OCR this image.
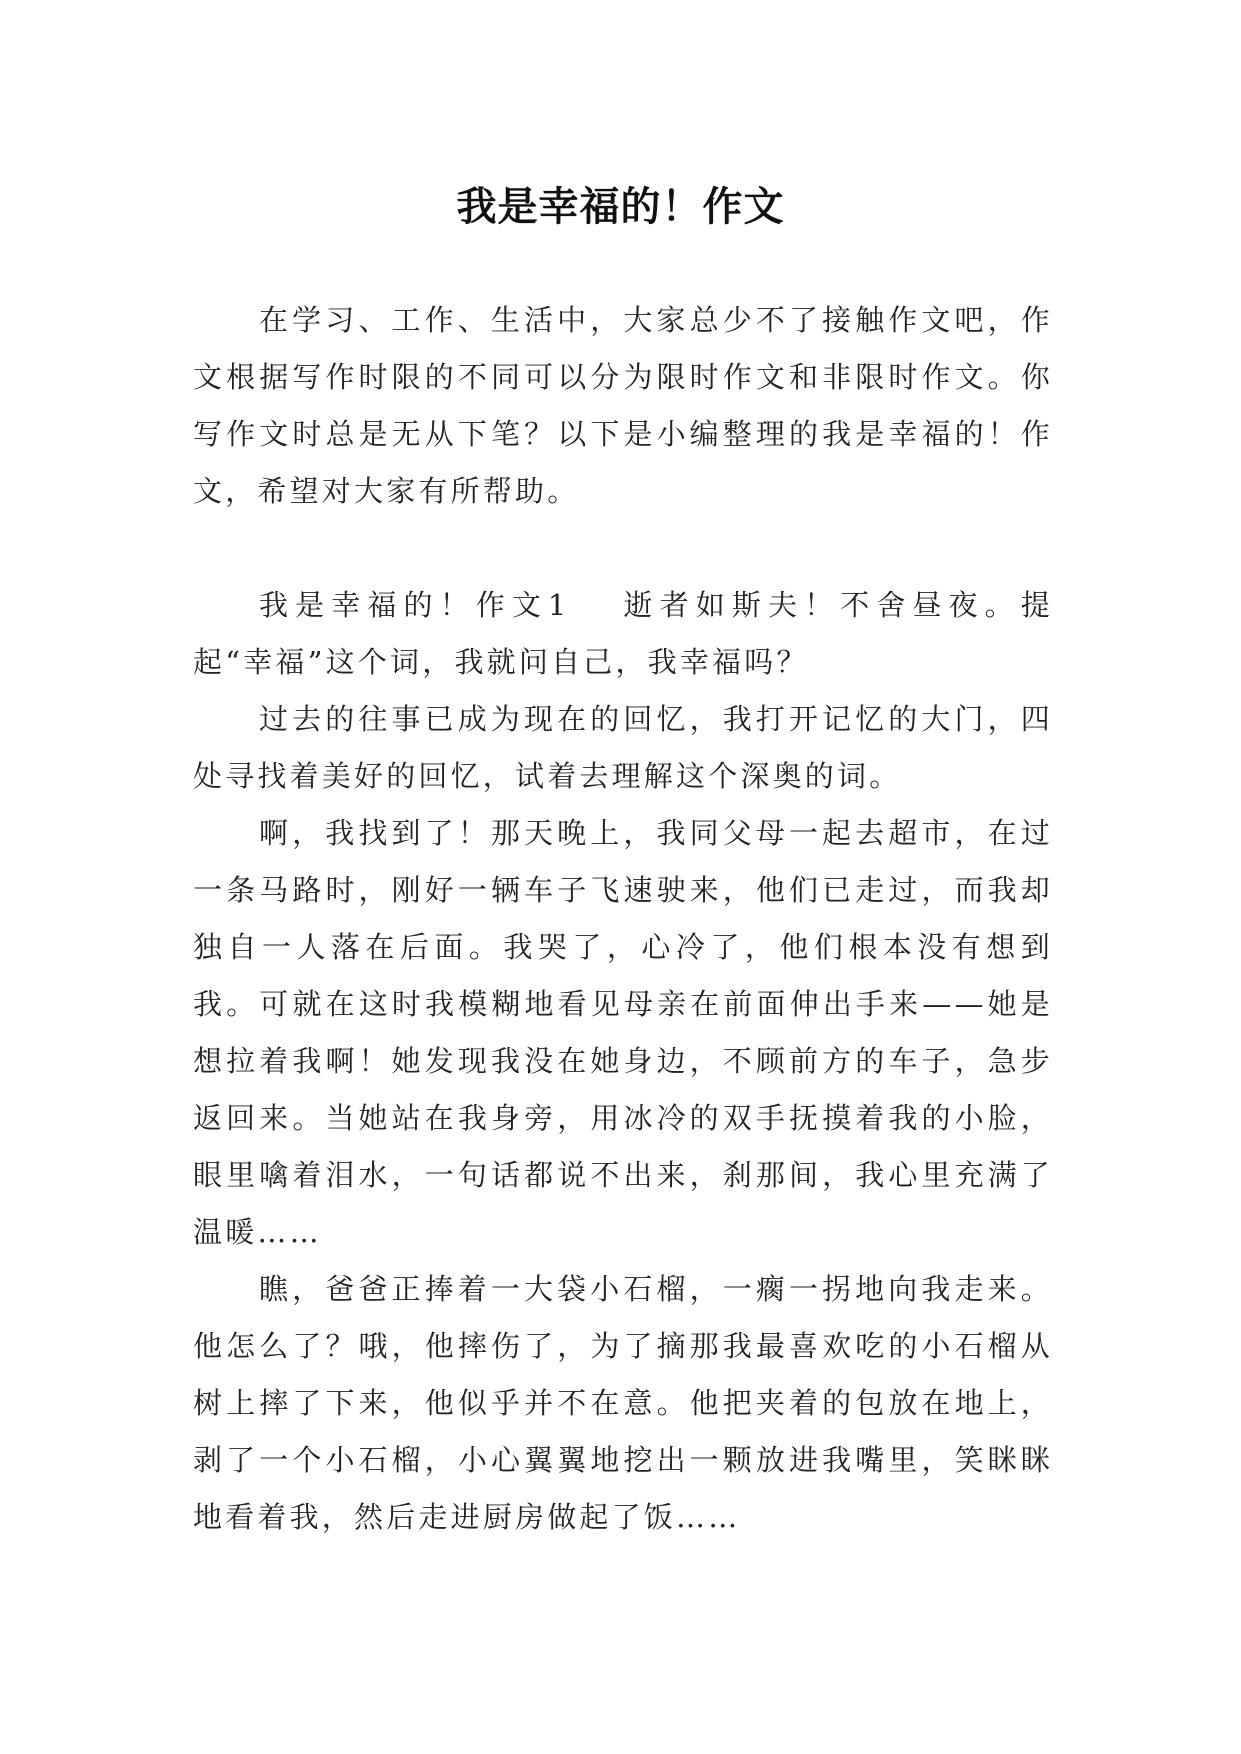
我是幸福的！作文

在学习、工作、生活中，大家总少不了接触作文吧，作文根据写作时限的不同可以分为限时作文和非限时作文。你写作文时总是无从下笔？以下是小编整理的我是幸福的！作文，希望对大家有所帮助。

我是幸福的！作文1 逝者如斯夫！不舍昼夜。提起“幸福”这个词，我就问自己，我幸福吗？

过去的往事已成为现在的回忆，我打开记忆的大门，四处寻找着美好的回忆，试着去理解这个深奥的词。

啊，我找到了！那天晚上，我同父母一起去超市，在过一条马路时，刚好一辆车子飞速驶来，他们已走过，而我却独自一人落在后面。我哭了，心冷了，他们根本没有想到我。可就在这时我模糊地看见母亲在前面伸出手来——她是想拉着我啊！她发现我没在她身边，不顾前方的车子，急步返回来。当她站在我身旁，用冰冷的双手抚摸着我的小脸，眼里噙着泪水，一句话都说不出来，刹那间，我心里充满了温暖……

瞧，爸爸正捧着一大袋小石榴，一瘸一拐地向我走来。他怎么了？哦，他摔伤了，为了摘那我最喜欢吃的小石榴从树上摔了下来，他似乎并不在意。他把夹着的包放在地上，剥了一个小石榴，小心翼翼地挖出一颗放进我嘴里，笑眯眯地看着我，然后走进厨房做起了饭……
